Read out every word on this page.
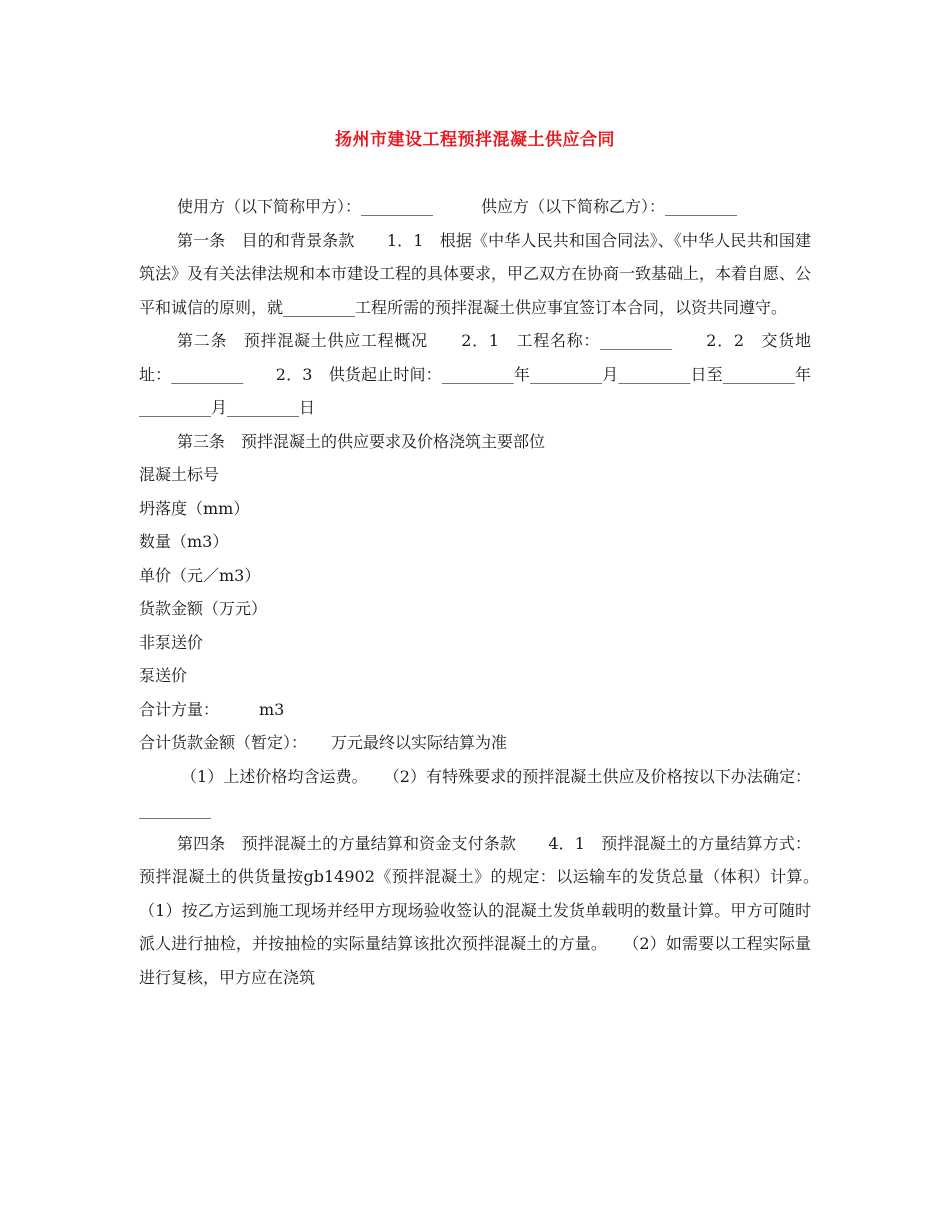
扬州市建设工程预拌混凝土供应合同

使用方（以下简称甲方）：_________　　　供应方（以下简称乙方）：_________

第一条　目的和背景条款　　1．1　根据《中华人民共和国合同法》、《中华人民共和国建筑法》及有关法律法规和本市建设工程的具体要求，甲乙双方在协商一致基础上，本着自愿、公平和诚信的原则，就_________工程所需的预拌混凝土供应事宜签订本合同，以资共同遵守。

第二条　预拌混凝土供应工程概况　　2．1　工程名称：_________　　2．2　交货地址：_________　　2．3　供货起止时间：_________年_________月_________日至_________年_________月_________日

第三条　预拌混凝土的供应要求及价格浇筑主要部位

混凝土标号

坍落度（mm）

数量（m3）

单价（元／m3）

货款金额（万元）

非泵送价

泵送价

合计方量：　　　m3

合计货款金额（暂定）：　　万元最终以实际结算为准

（1）上述价格均含运费。　　（2）有特殊要求的预拌混凝土供应及价格按以下办法确定：_________

第四条　预拌混凝土的方量结算和资金支付条款　　4．1　预拌混凝土的方量结算方式：预拌混凝土的供货量按gb14902《预拌混凝土》的规定：以运输车的发货总量（体积）计算。　　（1）按乙方运到施工现场并经甲方现场验收签认的混凝土发货单载明的数量计算。甲方可随时派人进行抽检，并按抽检的实际量结算该批次预拌混凝土的方量。　　（2）如需要以工程实际量进行复核，甲方应在浇筑
